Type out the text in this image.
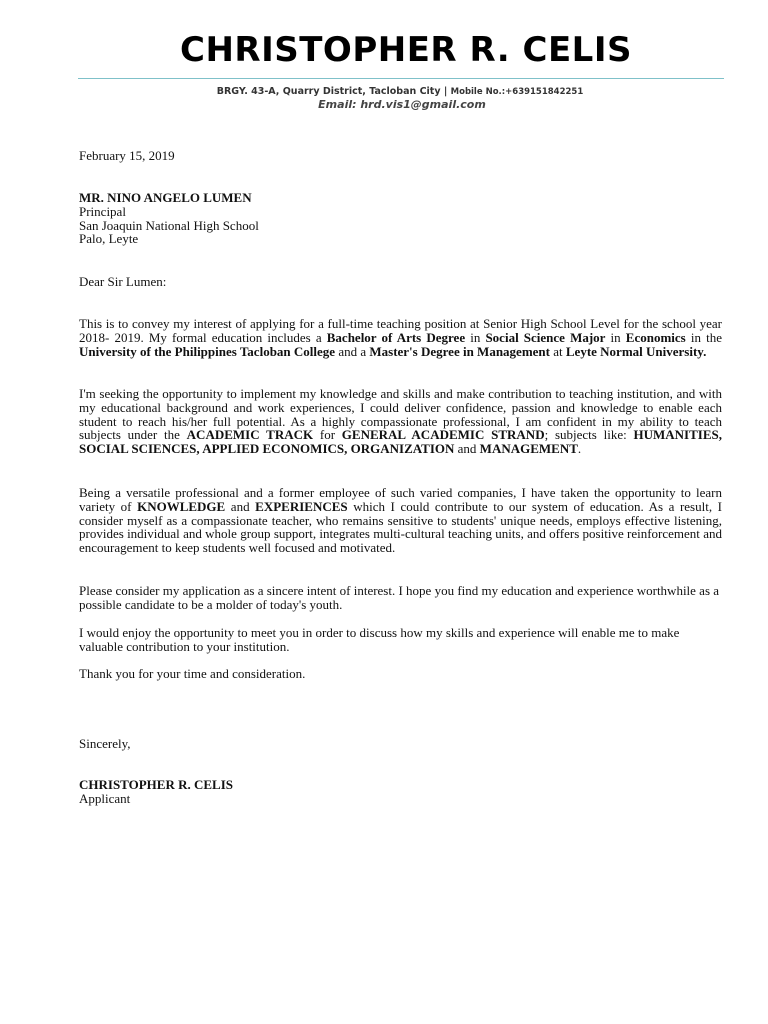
CHRISTOPHER R. CELIS
BRGY. 43-A, Quarry District, Tacloban City | Mobile No.:+639151842251
Email: hrd.vis1@gmail.com
February 15, 2019
MR. NINO ANGELO LUMEN
Principal
San Joaquin National High School
Palo, Leyte
Dear Sir Lumen:
This is to convey my interest of applying for a full-time teaching position at Senior High School Level for the school year 2018- 2019. My formal education includes a Bachelor of Arts Degree in Social Science Major in Economics in the University of the Philippines Tacloban College and a Master's Degree in Management at Leyte Normal University.
I'm seeking the opportunity to implement my knowledge and skills and make contribution to teaching institution, and with my educational background and work experiences, I could deliver confidence, passion and knowledge to enable each student to reach his/her full potential. As a highly compassionate professional, I am confident in my ability to teach subjects under the ACADEMIC TRACK for GENERAL ACADEMIC STRAND; subjects like: HUMANITIES, SOCIAL SCIENCES, APPLIED ECONOMICS, ORGANIZATION and MANAGEMENT.
Being a versatile professional and a former employee of such varied companies, I have taken the opportunity to learn variety of KNOWLEDGE and EXPERIENCES which I could contribute to our system of education. As a result, I consider myself as a compassionate teacher, who remains sensitive to students' unique needs, employs effective listening, provides individual and whole group support, integrates multi-cultural teaching units, and offers positive reinforcement and encouragement to keep students well focused and motivated.
Please consider my application as a sincere intent of interest. I hope you find my education and experience worthwhile as a possible candidate to be a molder of today's youth.
I would enjoy the opportunity to meet you in order to discuss how my skills and experience will enable me to make valuable contribution to your institution.
Thank you for your time and consideration.
Sincerely,
CHRISTOPHER R. CELIS
Applicant
